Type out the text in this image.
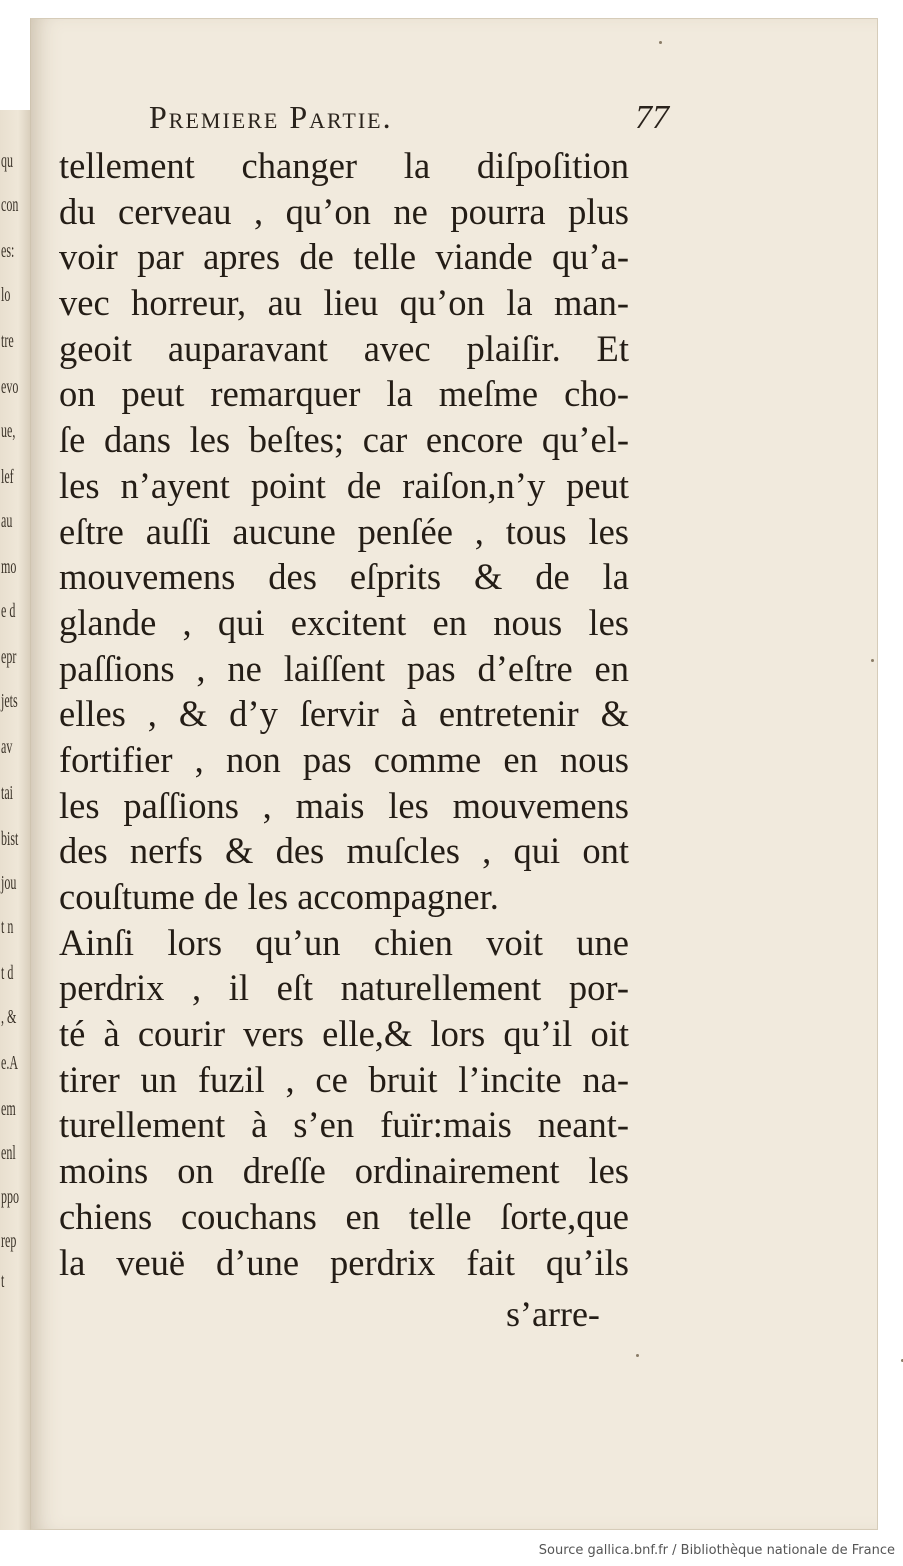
qu
con
es:
lo
tre
evo
ue,
lef
au
mo
e d
epr
jets
av
tai
bist
jou
t n
t d
, &
e.A
em
enl
ppo
rep
t
Premiere Partie.	77
tellement changer la diſpoſition
du cerveau , qu’on ne pourra plus
voir par apres de telle viande qu’a-
vec horreur, au lieu qu’on la man-
geoit auparavant avec plaiſir. Et
on peut remarquer la meſme cho-
ſe dans les beſtes; car encore qu’el-
les n’ayent point de raiſon,n’y peut
eſtre auſſi aucune penſée , tous les
mouvemens des eſprits & de la
glande , qui excitent en nous les
paſſions , ne laiſſent pas d’eſtre en
elles , & d’y ſervir à entretenir &
fortifier , non pas comme en nous
les paſſions , mais les mouvemens
des nerfs & des muſcles , qui ont
couſtume de les accompagner.
Ainſi lors qu’un chien voit une
perdrix , il eſt naturellement por-
té à courir vers elle,& lors qu’il oit
tirer un fuzil , ce bruit l’incite na-
turellement à s’en fuïr:mais neant-
moins on dreſſe ordinairement les
chiens couchans en telle ſorte,que
la veuë d’une perdrix fait qu’ils
s’arre-
Source gallica.bnf.fr / Bibliothèque nationale de France
